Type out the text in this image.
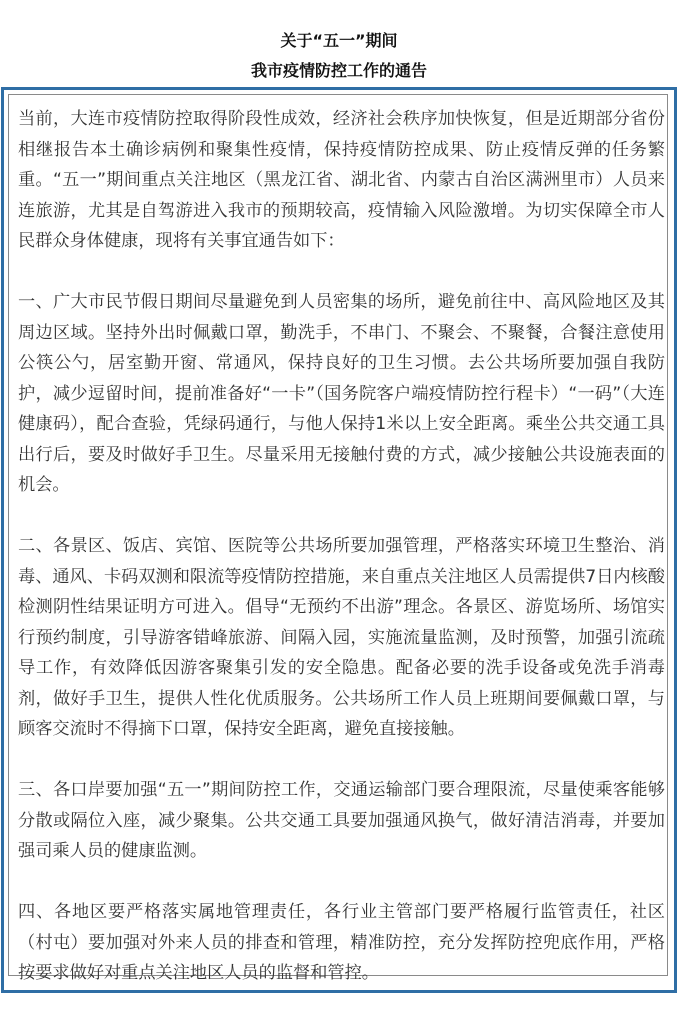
关于“五一”期间
我市疫情防控工作的通告

当前，大连市疫情防控取得阶段性成效，经济社会秩序加快恢复，但是近期部分省份相继报告本土确诊病例和聚集性疫情，保持疫情防控成果、防止疫情反弹的任务繁重。“五一”期间重点关注地区（黑龙江省、湖北省、内蒙古自治区满洲里市）人员来连旅游，尤其是自驾游进入我市的预期较高，疫情输入风险激增。为切实保障全市人民群众身体健康，现将有关事宜通告如下：

一、广大市民节假日期间尽量避免到人员密集的场所，避免前往中、高风险地区及其周边区域。坚持外出时佩戴口罩，勤洗手，不串门、不聚会、不聚餐，合餐注意使用公筷公勺，居室勤开窗、常通风，保持良好的卫生习惯。去公共场所要加强自我防护，减少逗留时间，提前准备好“一卡”（国务院客户端疫情防控行程卡）“一码”（大连健康码），配合查验，凭绿码通行，与他人保持1米以上安全距离。乘坐公共交通工具出行后，要及时做好手卫生。尽量采用无接触付费的方式，减少接触公共设施表面的机会。

二、各景区、饭店、宾馆、医院等公共场所要加强管理，严格落实环境卫生整治、消毒、通风、卡码双测和限流等疫情防控措施，来自重点关注地区人员需提供7日内核酸检测阴性结果证明方可进入。倡导“无预约不出游”理念。各景区、游览场所、场馆实行预约制度，引导游客错峰旅游、间隔入园，实施流量监测，及时预警，加强引流疏导工作，有效降低因游客聚集引发的安全隐患。配备必要的洗手设备或免洗手消毒剂，做好手卫生，提供人性化优质服务。公共场所工作人员上班期间要佩戴口罩，与顾客交流时不得摘下口罩，保持安全距离，避免直接接触。

三、各口岸要加强“五一”期间防控工作，交通运输部门要合理限流，尽量使乘客能够分散或隔位入座，减少聚集。公共交通工具要加强通风换气，做好清洁消毒，并要加强司乘人员的健康监测。

四、各地区要严格落实属地管理责任，各行业主管部门要严格履行监管责任，社区（村屯）要加强对外来人员的排查和管理，精准防控，充分发挥防控兜底作用，严格按要求做好对重点关注地区人员的监督和管控。
